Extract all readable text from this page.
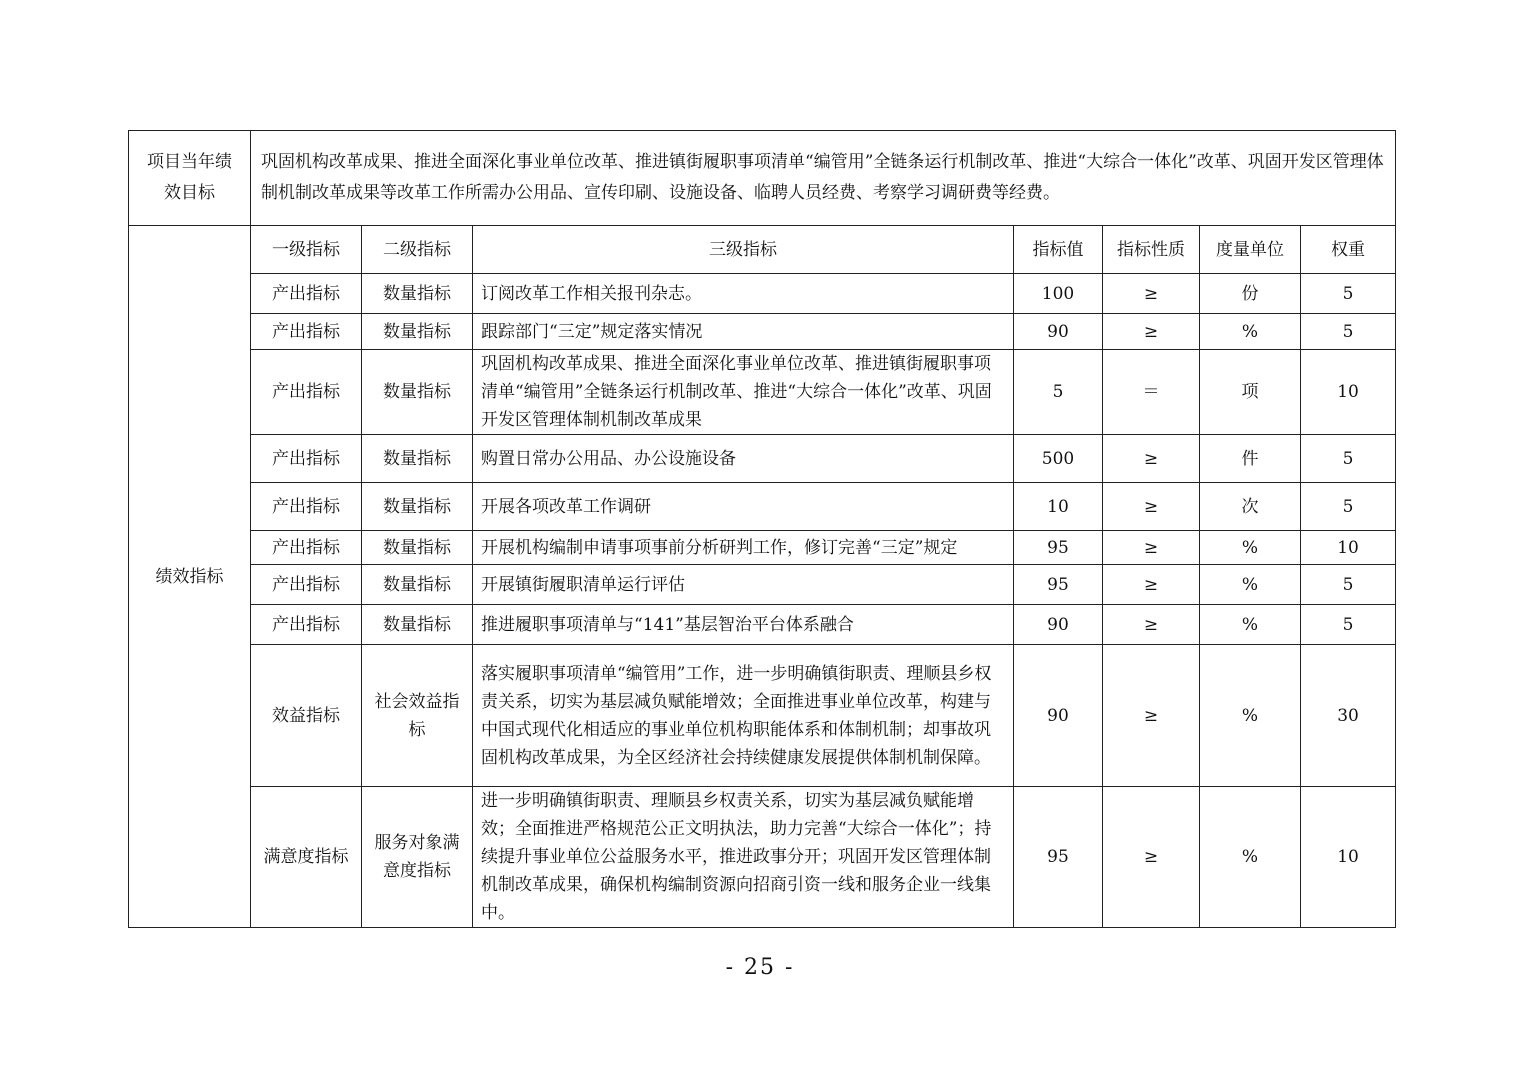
项目当年绩效目标	巩固机构改革成果、推进全面深化事业单位改革、推进镇街履职事项清单“编管用”全链条运行机制改革、推进“大综合一体化”改革、巩固开发区管理体制机制改革成果等改革工作所需办公用品、宣传印刷、设施设备、临聘人员经费、考察学习调研费等经费。						
绩效指标	一级指标	二级指标	三级指标	指标值	指标性质	度量单位	权重
	产出指标	数量指标	订阅改革工作相关报刊杂志。	100	≥	份	5
	产出指标	数量指标	跟踪部门“三定”规定落实情况	90	≥	%	5
	产出指标	数量指标	巩固机构改革成果、推进全面深化事业单位改革、推进镇街履职事项清单“编管用”全链条运行机制改革、推进“大综合一体化”改革、巩固开发区管理体制机制改革成果	5	＝	项	10
	产出指标	数量指标	购置日常办公用品、办公设施设备	500	≥	件	5
	产出指标	数量指标	开展各项改革工作调研	10	≥	次	5
	产出指标	数量指标	开展机构编制申请事项事前分析研判工作，修订完善“三定”规定	95	≥	%	10
	产出指标	数量指标	开展镇街履职清单运行评估	95	≥	%	5
	产出指标	数量指标	推进履职事项清单与“141”基层智治平台体系融合	90	≥	%	5
	效益指标	社会效益指标	落实履职事项清单“编管用”工作，进一步明确镇街职责、理顺县乡权责关系，切实为基层减负赋能增效；全面推进事业单位改革，构建与中国式现代化相适应的事业单位机构职能体系和体制机制；却事故巩固机构改革成果，为全区经济社会持续健康发展提供体制机制保障。	90	≥	%	30
	满意度指标	服务对象满意度指标	进一步明确镇街职责、理顺县乡权责关系，切实为基层减负赋能增效；全面推进严格规范公正文明执法，助力完善“大综合一体化”；持续提升事业单位公益服务水平，推进政事分开；巩固开发区管理体制机制改革成果，确保机构编制资源向招商引资一线和服务企业一线集中。	95	≥	%	10
- 25 -
